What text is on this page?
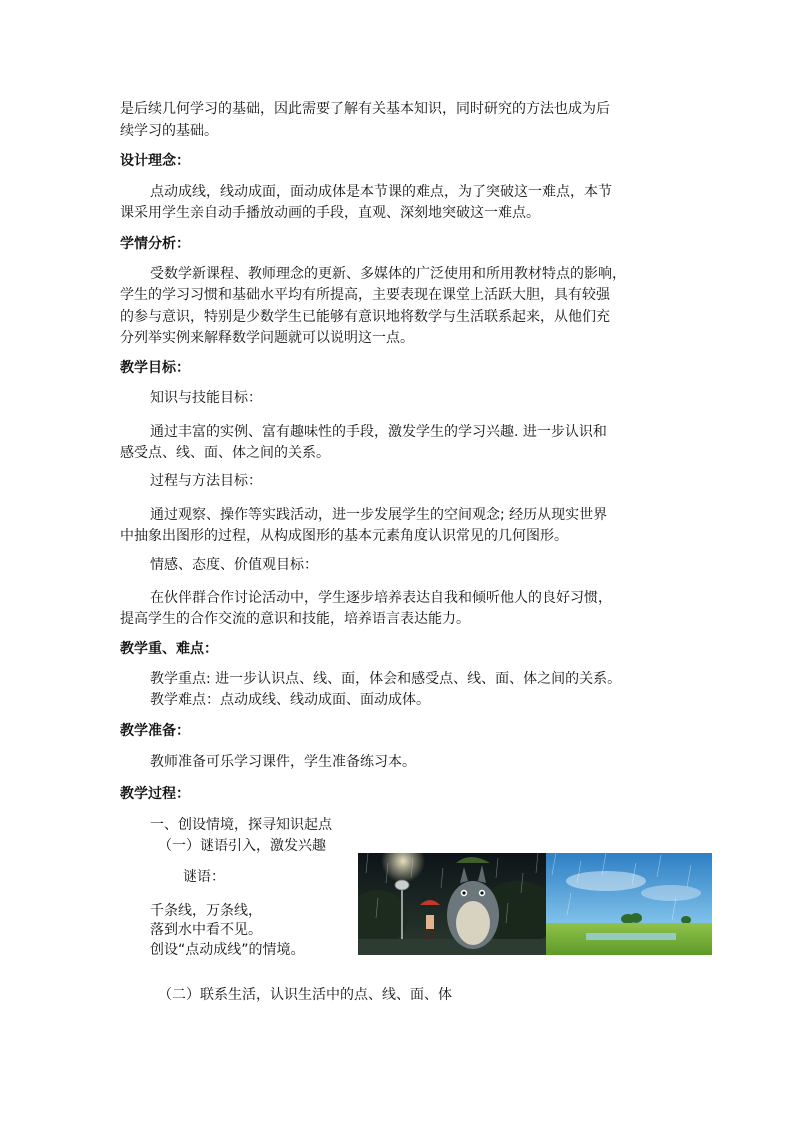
是后续几何学习的基础，因此需要了解有关基本知识，同时研究的方法也成为后
续学习的基础。
设计理念：
点动成线，线动成面，面动成体是本节课的难点，为了突破这一难点，本节
课采用学生亲自动手播放动画的手段，直观、深刻地突破这一难点。
学情分析：
受数学新课程、教师理念的更新、多媒体的广泛使用和所用教材特点的影响，
学生的学习习惯和基础水平均有所提高，主要表现在课堂上活跃大胆，具有较强
的参与意识，特别是少数学生已能够有意识地将数学与生活联系起来，从他们充
分列举实例来解释数学问题就可以说明这一点。
教学目标：
知识与技能目标：
通过丰富的实例、富有趣味性的手段，激发学生的学习兴趣. 进一步认识和
感受点、线、面、体之间的关系。
过程与方法目标：
通过观察、操作等实践活动，进一步发展学生的空间观念; 经历从现实世界
中抽象出图形的过程，从构成图形的基本元素角度认识常见的几何图形。
情感、态度、价值观目标：
在伙伴群合作讨论活动中，学生逐步培养表达自我和倾听他人的良好习惯，
提高学生的合作交流的意识和技能，培养语言表达能力。
教学重、难点：
教学重点: 进一步认识点、线、面，体会和感受点、线、面、体之间的关系。
教学难点：点动成线、线动成面、面动成体。
教学准备：
教师准备可乐学习课件，学生准备练习本。
教学过程：
一、创设情境，探寻知识起点
（一）谜语引入，激发兴趣
谜语：
千条线，万条线，
落到水中看不见。
创设“点动成线”的情境。
（二）联系生活，认识生活中的点、线、面、体
